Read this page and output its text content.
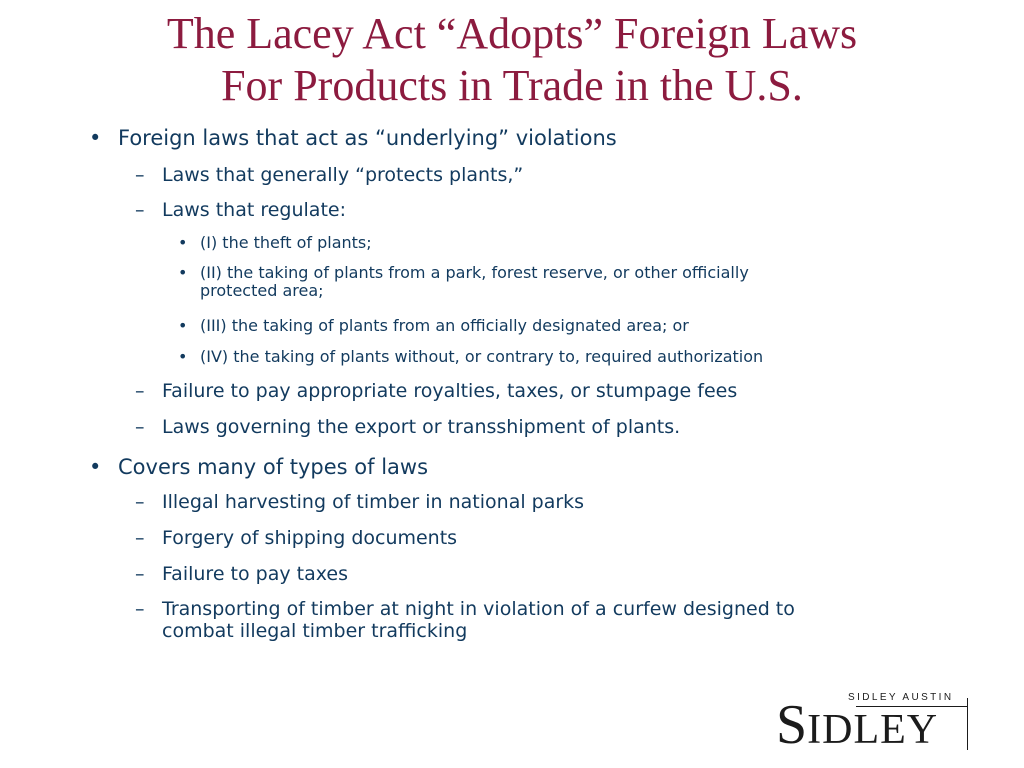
The Lacey Act “Adopts” Foreign Laws
For Products in Trade in the U.S.
• Foreign laws that act as “underlying” violations
– Laws that generally “protects plants,”
– Laws that regulate:
• (I) the theft of plants;
• (II) the taking of plants from a park, forest reserve, or other officially
protected area;
• (III) the taking of plants from an officially designated area; or
• (IV) the taking of plants without, or contrary to, required authorization
– Failure to pay appropriate royalties, taxes, or stumpage fees
– Laws governing the export or transshipment of plants.
• Covers many of types of laws
– Illegal harvesting of timber in national parks
– Forgery of shipping documents
– Failure to pay taxes
– Transporting of timber at night in violation of a curfew designed to
combat illegal timber trafficking
SIDLEY AUSTIN
SIDLEY
